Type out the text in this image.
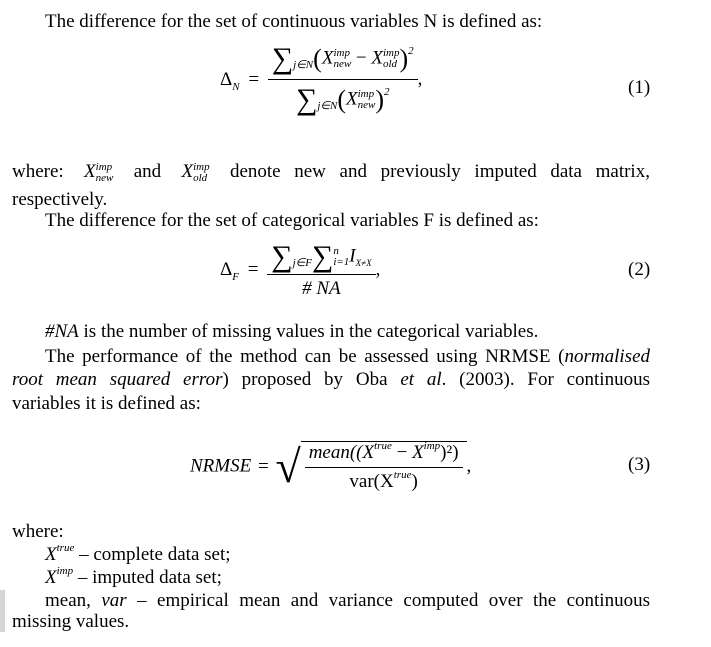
The difference for the set of continuous variables N is defined as:
$\Delta_N = \sum_{j\in N}(X$ imp
new − X imp
old )$^2$
$\sum_{j\in N}(X$ imp
new )$^2$ ,	(1)
where: X imp
new and X imp
old denote new and previously imputed data matrix,
respectively.
The difference for the set of categorical variables F is defined as:
$\Delta_F = \sum_{j\in F}\sum$ n
i=1 $I_{X\ne X}$
# NA ,	(2)
#NA is the number of missing values in the categorical variables.
The performance of the method can be assessed using NRMSE (normalised
root mean squared error) proposed by Oba et al. (2003). For continuous
variables it is defined as:
NRMSE = √ $\frac{mean((X^{true} - X^{imp})^2)}{var(X^{true})}$ ,	(3)
where:
$X^{true}$ – complete data set;
$X^{imp}$ – imputed data set;
mean, var – empirical mean and variance computed over the continuous
missing values.
